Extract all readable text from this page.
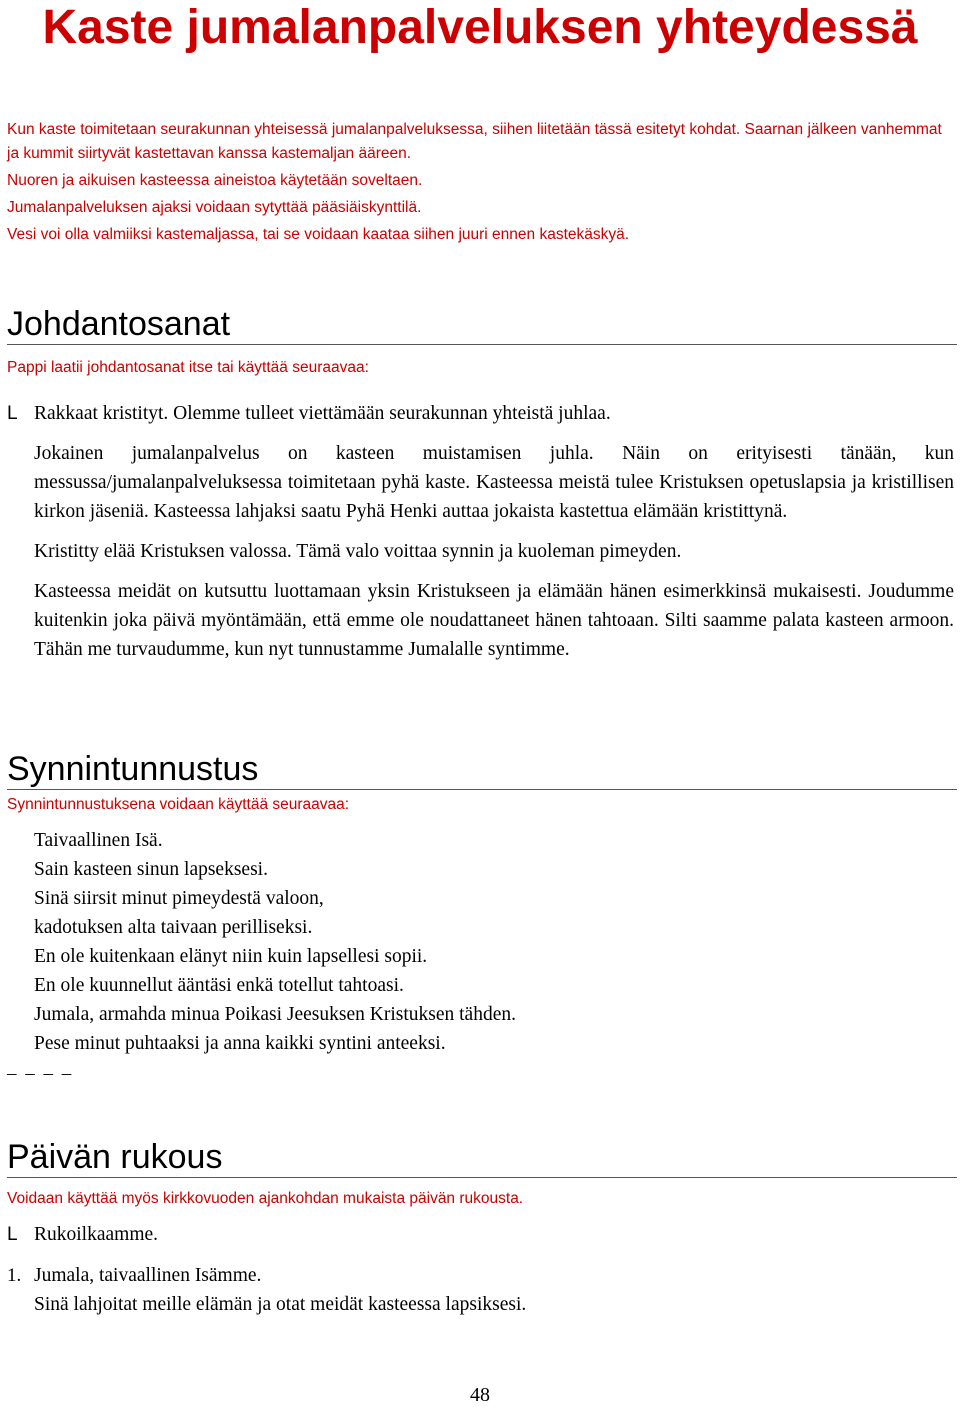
Kaste jumalanpalveluksen yhteydessä

Kun kaste toimitetaan seurakunnan yhteisessä jumalanpalveluksessa, siihen liitetään tässä esitetyt kohdat. Saarnan jälkeen vanhemmat ja kummit siirtyvät kastettavan kanssa kastemaljan ääreen.

Nuoren ja aikuisen kasteessa aineistoa käytetään soveltaen.

Jumalanpalveluksen ajaksi voidaan sytyttää pääsiäiskynttilä.

Vesi voi olla valmiiksi kastemaljassa, tai se voidaan kaataa siihen juuri ennen kastekäskyä.

Johdantosanat
Pappi laatii johdantosanat itse tai käyttää seuraavaa:
L Rakkaat kristityt. Olemme tulleet viettämään seurakunnan yhteistä juhlaa.

Jokainen jumalanpalvelus on kasteen muistamisen juhla. Näin on erityisesti tänään, kun messussa/jumalanpalveluksessa toimitetaan pyhä kaste. Kasteessa meistä tulee Kristuksen opetuslapsia ja kristillisen kirkon jäseniä. Kasteessa lahjaksi saatu Pyhä Henki auttaa jokaista kastettua elämään kristittynä.

Kristitty elää Kristuksen valossa. Tämä valo voittaa synnin ja kuoleman pimeyden.

Kasteessa meidät on kutsuttu luottamaan yksin Kristukseen ja elämään hänen esimerkkinsä mukaisesti. Joudumme kuitenkin joka päivä myöntämään, että emme ole noudattaneet hänen tahtoaan. Silti saamme palata kasteen armoon. Tähän me turvaudumme, kun nyt tunnustamme Jumalalle syntimme.

Synnintunnustus
Synnintunnustuksena voidaan käyttää seuraavaa:

Taivaallinen Isä.

Sain kasteen sinun lapseksesi.

Sinä siirsit minut pimeydestä valoon,

kadotuksen alta taivaan perilliseksi.

En ole kuitenkaan elänyt niin kuin lapsellesi sopii.

En ole kuunnellut ääntäsi enkä totellut tahtoasi.

Jumala, armahda minua Poikasi Jeesuksen Kristuksen tähden.

Pese minut puhtaaksi ja anna kaikki syntini anteeksi.

– – – –
Päivän rukous
Voidaan käyttää myös kirkkovuoden ajankohdan mukaista päivän rukousta.
L Rukoilkaamme.
1. Jumala, taivaallinen Isämme.

Sinä lahjoitat meille elämän ja otat meidät kasteessa lapsiksesi.

48
